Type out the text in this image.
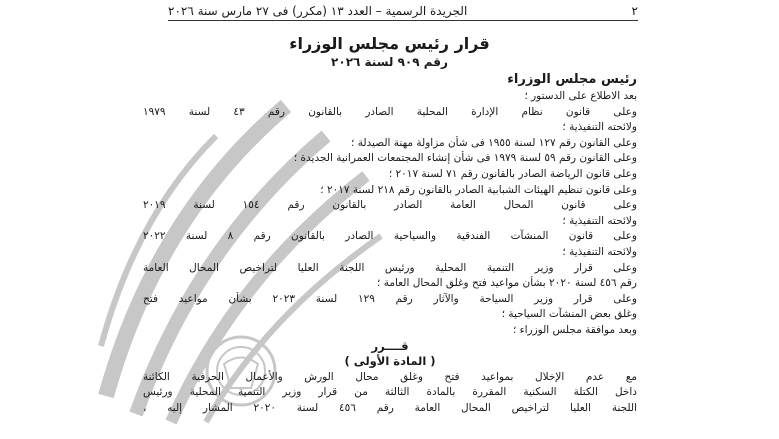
٢
الجريدة الرسمية – العدد ١٣ (مكرر) فى ٢٧ مارس سنة ٢٠٢٦
قرار رئيس مجلس الوزراء
رقم ٩٠٩ لسنة ٢٠٢٦
رئيس مجلس الوزراء

بعد الاطلاع على الدستور ؛

وعلى قانون نظام الإدارة المحلية الصادر بالقانون رقم ٤٣ لسنة ١٩٧٩

ولائحته التنفيذية ؛

وعلى القانون رقم ١٢٧ لسنة ١٩٥٥ فى شأن مزاولة مهنة الصيدلة ؛

وعلى القانون رقم ٥٩ لسنة ١٩٧٩ فى شأن إنشاء المجتمعات العمرانية الجديدة ؛

وعلى قانون الرياضة الصادر بالقانون رقم ٧١ لسنة ٢٠١٧ ؛

وعلى قانون تنظيم الهيئات الشبابية الصادر بالقانون رقم ٢١٨ لسنة ٢٠١٧ ؛

وعلى قانون المحال العامة الصادر بالقانون رقم ١٥٤ لسنة ٢٠١٩

ولائحته التنفيذية ؛

وعلى قانون المنشآت الفندقية والسياحية الصادر بالقانون رقم ٨ لسنة ٢٠٢٢

ولائحته التنفيذية ؛

وعلى قرار وزير التنمية المحلية ورئيس اللجنة العليا لتراخيص المحال العامة

رقم ٤٥٦ لسنة ٢٠٢٠ بشأن مواعيد فتح وغلق المحال العامة ؛

وعلى قرار وزير السياحة والآثار رقم ١٢٩ لسنة ٢٠٢٣ بشأن مواعيد فتح

وغلق بعض المنشآت السياحية ؛

وبعد موافقة مجلس الوزراء ؛

قــــرر

( المادة الأولى )

مع عدم الإخلال بمواعيد فتح وغلق محال الورش والأعمال الحرفية الكائنة

داخل الكتلة السكنية المقررة بالمادة الثالثة من قرار وزير التنمية المحلية ورئيس

اللجنة العليا لتراخيص المحال العامة رقم ٤٥٦ لسنة ٢٠٢٠ المشار إليه ،
